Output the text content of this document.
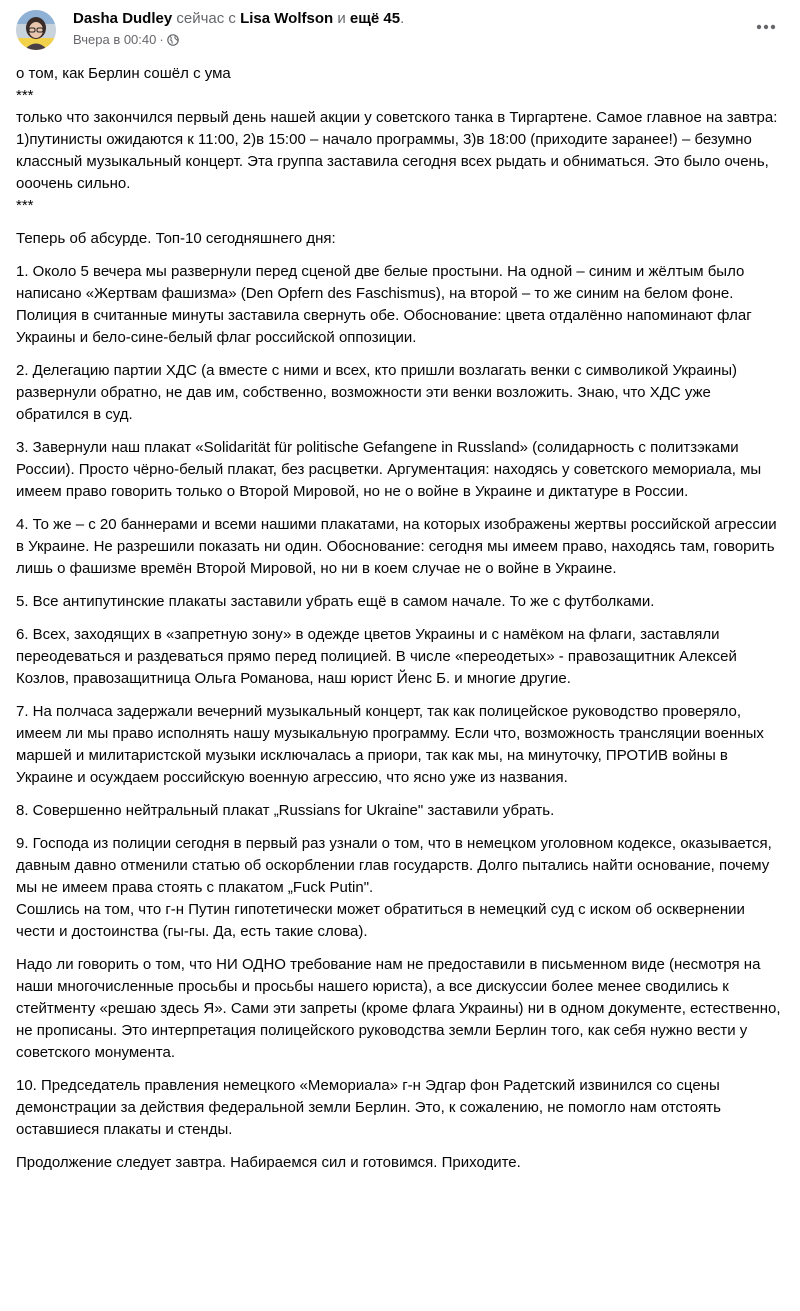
Dasha Dudley сейчас с Lisa Wolfson и ещё 45.
Вчера в 00:40 ·

о том, как Берлин сошёл с ума

***

только что закончился первый день нашей акции у советского танка в Тиргартене. Самое главное на завтра: 1)путинисты ожидаются к 11:00, 2)в 15:00 – начало программы, 3)в 18:00 (приходите заранее!) – безумно классный музыкальный концерт. Эта группа заставила сегодня всех рыдать и обниматься. Это было очень, ооочень сильно.

***

Теперь об абсурде. Топ-10 сегодняшнего дня:

1. Около 5 вечера мы развернули перед сценой две белые простыни. На одной – синим и жёлтым было написано «Жертвам фашизма» (Den Opfern des Faschismus), на второй – то же синим на белом фоне. Полиция в считанные минуты заставила свернуть обе. Обоснование: цвета отдалённо напоминают флаг Украины и бело-сине-белый флаг российской оппозиции.

2. Делегацию партии ХДС (а вместе с ними и всех, кто пришли возлагать венки с символикой Украины) развернули обратно, не дав им, собственно, возможности эти венки возложить. Знаю, что ХДС уже обратился в суд.

3. Завернули наш плакат «Solidarität für politische Gefangene in Russland» (солидарность с политзэками России). Просто чёрно-белый плакат, без расцветки. Аргументация: находясь у советского мемориала, мы имеем право говорить только о Второй Мировой, но не о войне в Украине и диктатуре в России.

4. То же – с 20 баннерами и всеми нашими плакатами, на которых изображены жертвы российской агрессии в Украине. Не разрешили показать ни один. Обоснование: сегодня мы имеем право, находясь там, говорить лишь о фашизме времён Второй Мировой, но ни в коем случае не о войне в Украине.

5. Все антипутинские плакаты заставили убрать ещё в самом начале. То же с футболками.

6. Всех, заходящих в «запретную зону» в одежде цветов Украины и с намёком на флаги, заставляли переодеваться и раздеваться прямо перед полицией. В числе «переодетых» - правозащитник Алексей Козлов, правозащитница Ольга Романова, наш юрист Йенс Б. и многие другие.

7. На полчаса задержали вечерний музыкальный концерт, так как полицейское руководство проверяло, имеем ли мы право исполнять нашу музыкальную программу. Если что, возможность трансляции военных маршей и милитаристской музыки исключалась а приори, так как мы, на минуточку, ПРОТИВ войны в Украине и осуждаем российскую военную агрессию, что ясно уже из названия.

8. Совершенно нейтральный плакат „Russians for Ukraine" заставили убрать.

9. Господа из полиции сегодня в первый раз узнали о том, что в немецком уголовном кодексе, оказывается, давным давно отменили статью об оскорблении глав государств. Долго пытались найти основание, почему мы не имеем права стоять с плакатом „Fuck Putin".

Сошлись на том, что г-н Путин гипотетически может обратиться в немецкий суд с иском об осквернении чести и достоинства (гы-гы. Да, есть такие слова).

Надо ли говорить о том, что НИ ОДНО требование нам не предоставили в письменном виде (несмотря на наши многочисленные просьбы и просьбы нашего юриста), а все дискуссии более менее сводились к стейтменту «решаю здесь Я». Сами эти запреты (кроме флага Украины) ни в одном документе, естественно, не прописаны. Это интерпретация полицейского руководства земли Берлин того, как себя нужно вести у советского монумента.

10. Председатель правления немецкого «Мемориала» г-н Эдгар фон Радетский извинился со сцены демонстрации за действия федеральной земли Берлин. Это, к сожалению, не помогло нам отстоять оставшиеся плакаты и стенды.

Продолжение следует завтра. Набираемся сил и готовимся. Приходите.
